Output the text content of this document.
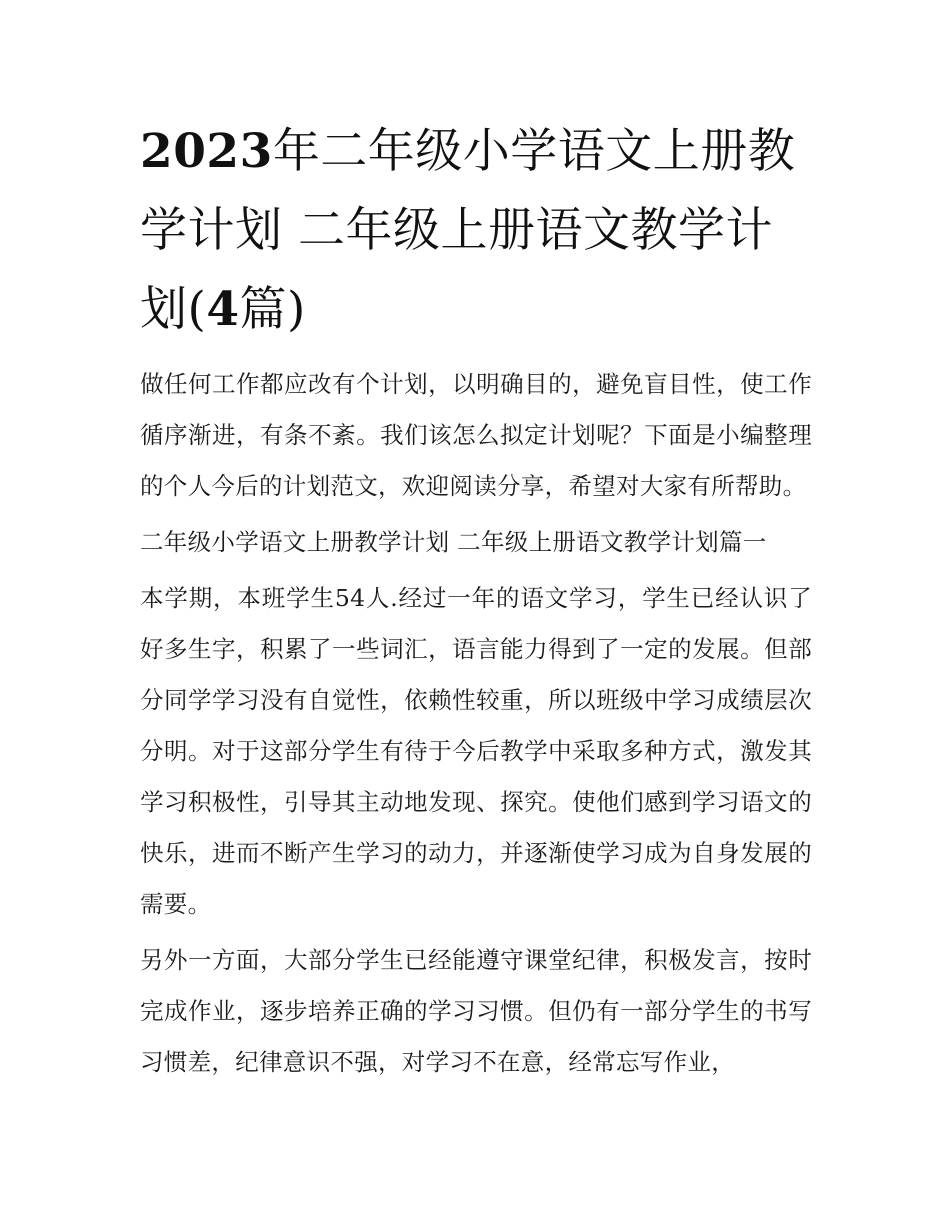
2023年二年级小学语文上册教学计划 二年级上册语文教学计划(4篇)

做任何工作都应改有个计划，以明确目的，避免盲目性，使工作循序渐进，有条不紊。我们该怎么拟定计划呢？下面是小编整理的个人今后的计划范文，欢迎阅读分享，希望对大家有所帮助。

二年级小学语文上册教学计划 二年级上册语文教学计划篇一

本学期，本班学生54人.经过一年的语文学习，学生已经认识了好多生字，积累了一些词汇，语言能力得到了一定的发展。但部分同学学习没有自觉性，依赖性较重，所以班级中学习成绩层次分明。对于这部分学生有待于今后教学中采取多种方式，激发其学习积极性，引导其主动地发现、探究。使他们感到学习语文的快乐，进而不断产生学习的动力，并逐渐使学习成为自身发展的需要。

另外一方面，大部分学生已经能遵守课堂纪律，积极发言，按时完成作业，逐步培养正确的学习习惯。但仍有一部分学生的书写习惯差，纪律意识不强，对学习不在意，经常忘写作业，
